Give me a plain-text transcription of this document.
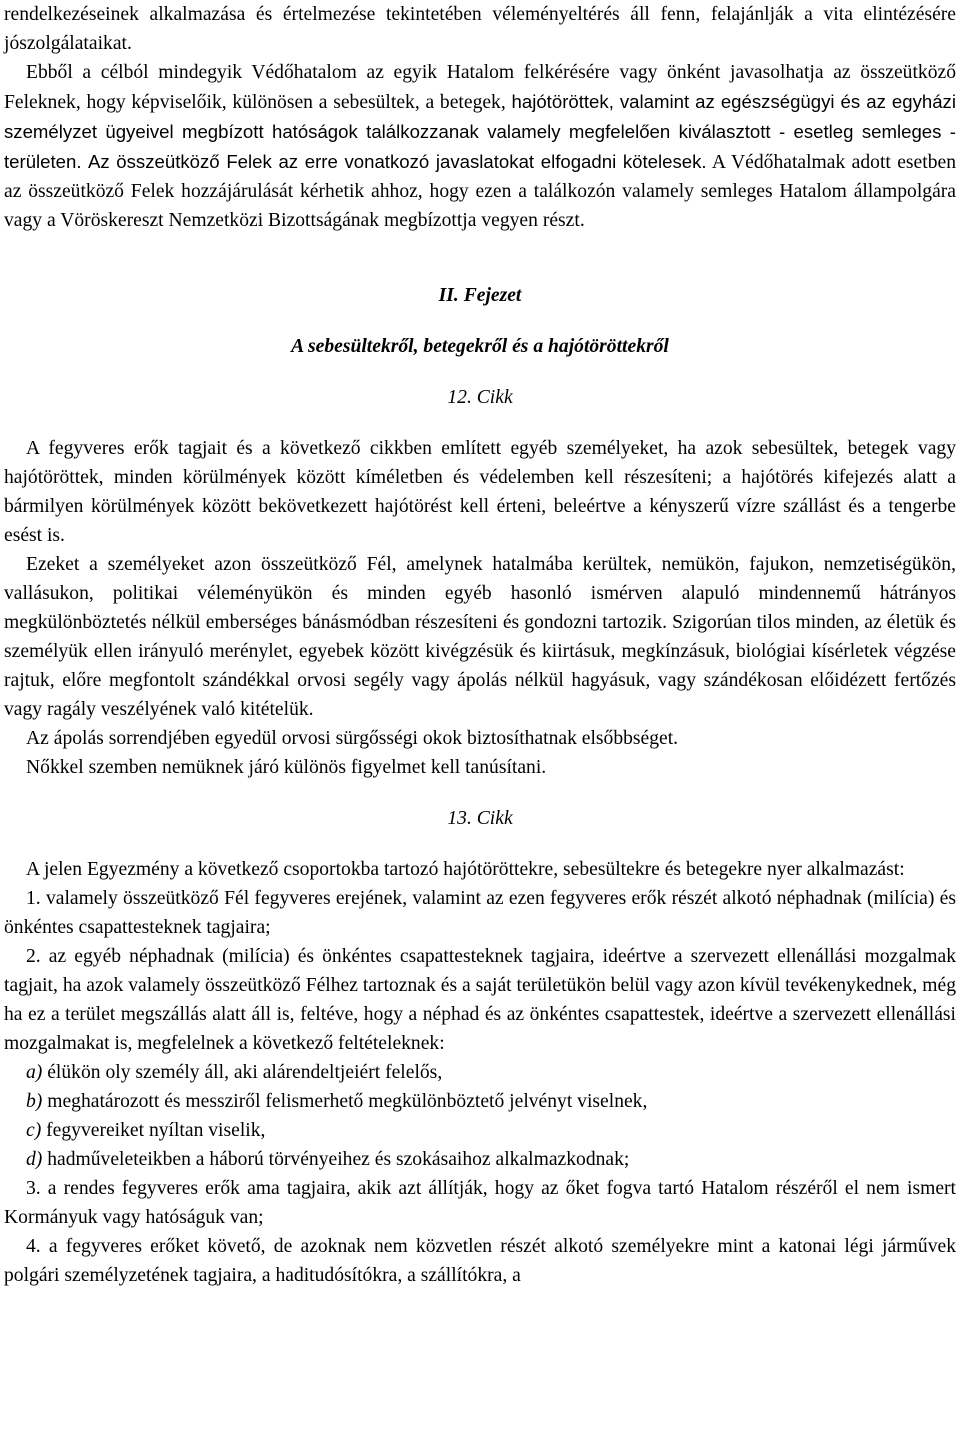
rendelkezéseinek alkalmazása és értelmezése tekintetében véleményeltérés áll fenn, felajánlják a vita elintézésére jószolgálataikat.

Ebből a célból mindegyik Védőhatalom az egyik Hatalom felkérésére vagy önként javasolhatja az összeütköző Feleknek, hogy képviselőik, különösen a sebesültek, a betegek, hajótöröttek, valamint az egészségügyi és az egyházi személyzet ügyeivel megbízott hatóságok találkozzanak valamely megfelelően kiválasztott - esetleg semleges - területen. Az összeütköző Felek az erre vonatkozó javaslatokat elfogadni kötelesek. A Védőhatalmak adott esetben az összeütköző Felek hozzájárulását kérhetik ahhoz, hogy ezen a találkozón valamely semleges Hatalom állampolgára vagy a Vöröskereszt Nemzetközi Bizottságának megbízottja vegyen részt.

II. Fejezet

A sebesültekről, betegekről és a hajótöröttekről

12. Cikk

A fegyveres erők tagjait és a következő cikkben említett egyéb személyeket, ha azok sebesültek, betegek vagy hajótöröttek, minden körülmények között kíméletben és védelemben kell részesíteni; a hajótörés kifejezés alatt a bármilyen körülmények között bekövetkezett hajótörést kell érteni, beleértve a kényszerű vízre szállást és a tengerbe esést is.

Ezeket a személyeket azon összeütköző Fél, amelynek hatalmába kerültek, nemükön, fajukon, nemzetiségükön, vallásukon, politikai véleményükön és minden egyéb hasonló ismérven alapuló mindennemű hátrányos megkülönböztetés nélkül emberséges bánásmódban részesíteni és gondozni tartozik. Szigorúan tilos minden, az életük és személyük ellen irányuló merénylet, egyebek között kivégzésük és kiirtásuk, megkínzásuk, biológiai kísérletek végzése rajtuk, előre megfontolt szándékkal orvosi segély vagy ápolás nélkül hagyásuk, vagy szándékosan előidézett fertőzés vagy ragály veszélyének való kitételük.

Az ápolás sorrendjében egyedül orvosi sürgősségi okok biztosíthatnak elsőbbséget.

Nőkkel szemben nemüknek járó különös figyelmet kell tanúsítani.

13. Cikk

A jelen Egyezmény a következő csoportokba tartozó hajótöröttekre, sebesültekre és betegekre nyer alkalmazást:

1. valamely összeütköző Fél fegyveres erejének, valamint az ezen fegyveres erők részét alkotó néphadnak (milícia) és önkéntes csapattesteknek tagjaira;

2. az egyéb néphadnak (milícia) és önkéntes csapattesteknek tagjaira, ideértve a szervezett ellenállási mozgalmak tagjait, ha azok valamely összeütköző Félhez tartoznak és a saját területükön belül vagy azon kívül tevékenykednek, még ha ez a terület megszállás alatt áll is, feltéve, hogy a néphad és az önkéntes csapattestek, ideértve a szervezett ellenállási mozgalmakat is, megfelelnek a következő feltételeknek:

a) élükön oly személy áll, aki alárendeltjeiért felelős,

b) meghatározott és messziről felismerhető megkülönböztető jelvényt viselnek,

c) fegyvereiket nyíltan viselik,

d) hadműveleteikben a háború törvényeihez és szokásaihoz alkalmazkodnak;

3. a rendes fegyveres erők ama tagjaira, akik azt állítják, hogy az őket fogva tartó Hatalom részéről el nem ismert Kormányuk vagy hatóságuk van;

4. a fegyveres erőket követő, de azoknak nem közvetlen részét alkotó személyekre mint a katonai légi járművek polgári személyzetének tagjaira, a haditudósítókra, a szállítókra, a
